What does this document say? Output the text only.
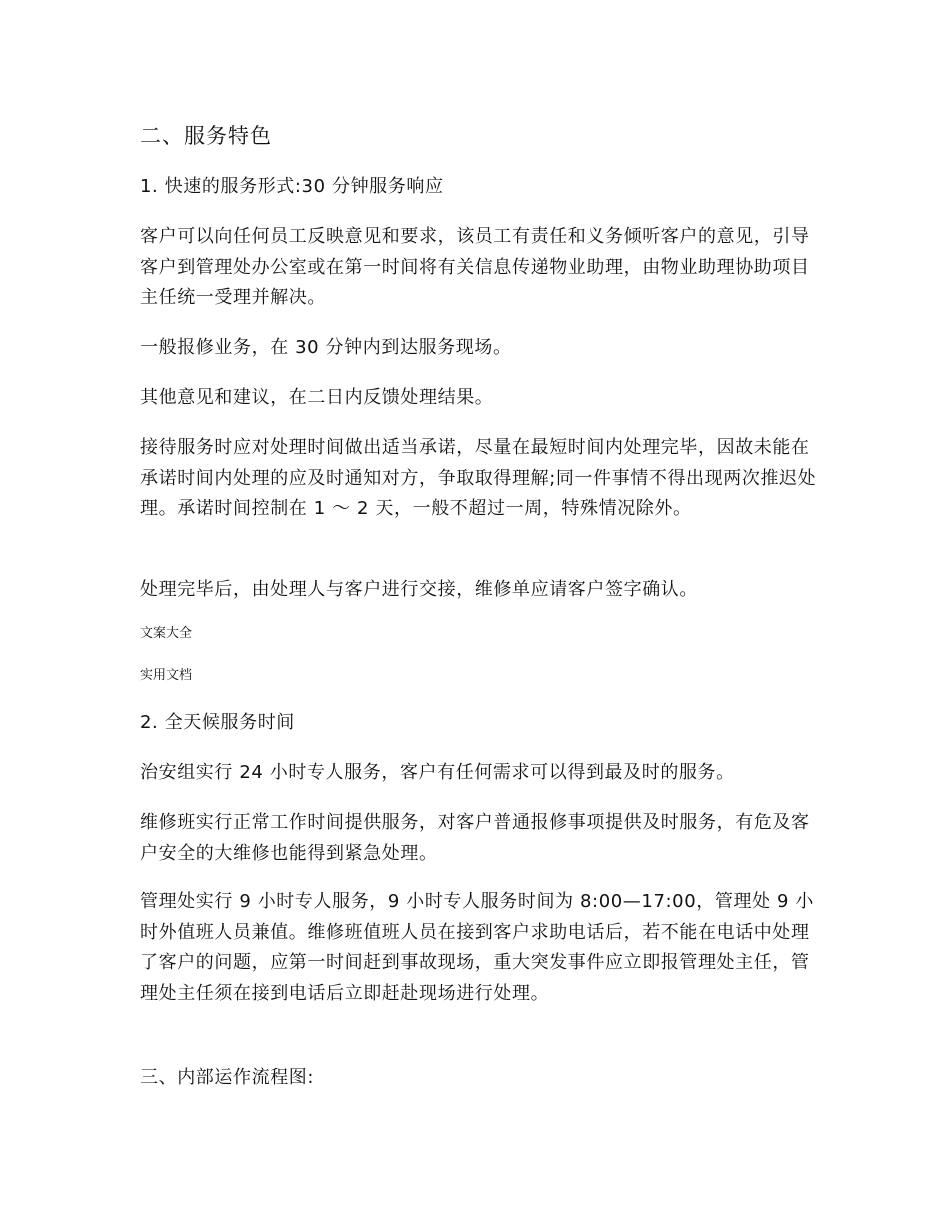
二、服务特色

1. 快速的服务形式:30 分钟服务响应

客户可以向任何员工反映意见和要求，该员工有责任和义务倾听客户的意见，引导客户到管理处办公室或在第一时间将有关信息传递物业助理，由物业助理协助项目主任统一受理并解决。

一般报修业务，在 30 分钟内到达服务现场。

其他意见和建议，在二日内反馈处理结果。

接待服务时应对处理时间做出适当承诺，尽量在最短时间内处理完毕，因故未能在承诺时间内处理的应及时通知对方，争取取得理解;同一件事情不得出现两次推迟处理。承诺时间控制在 1 ～ 2 天，一般不超过一周，特殊情况除外。

处理完毕后，由处理人与客户进行交接，维修单应请客户签字确认。

文案大全

实用文档

2. 全天候服务时间

治安组实行 24 小时专人服务，客户有任何需求可以得到最及时的服务。

维修班实行正常工作时间提供服务，对客户普通报修事项提供及时服务，有危及客户安全的大维修也能得到紧急处理。

管理处实行 9 小时专人服务，9 小时专人服务时间为 8:00—17:00，管理处 9 小时外值班人员兼值。维修班值班人员在接到客户求助电话后，若不能在电话中处理了客户的问题，应第一时间赶到事故现场，重大突发事件应立即报管理处主任，管理处主任须在接到电话后立即赶赴现场进行处理。

三、内部运作流程图:
